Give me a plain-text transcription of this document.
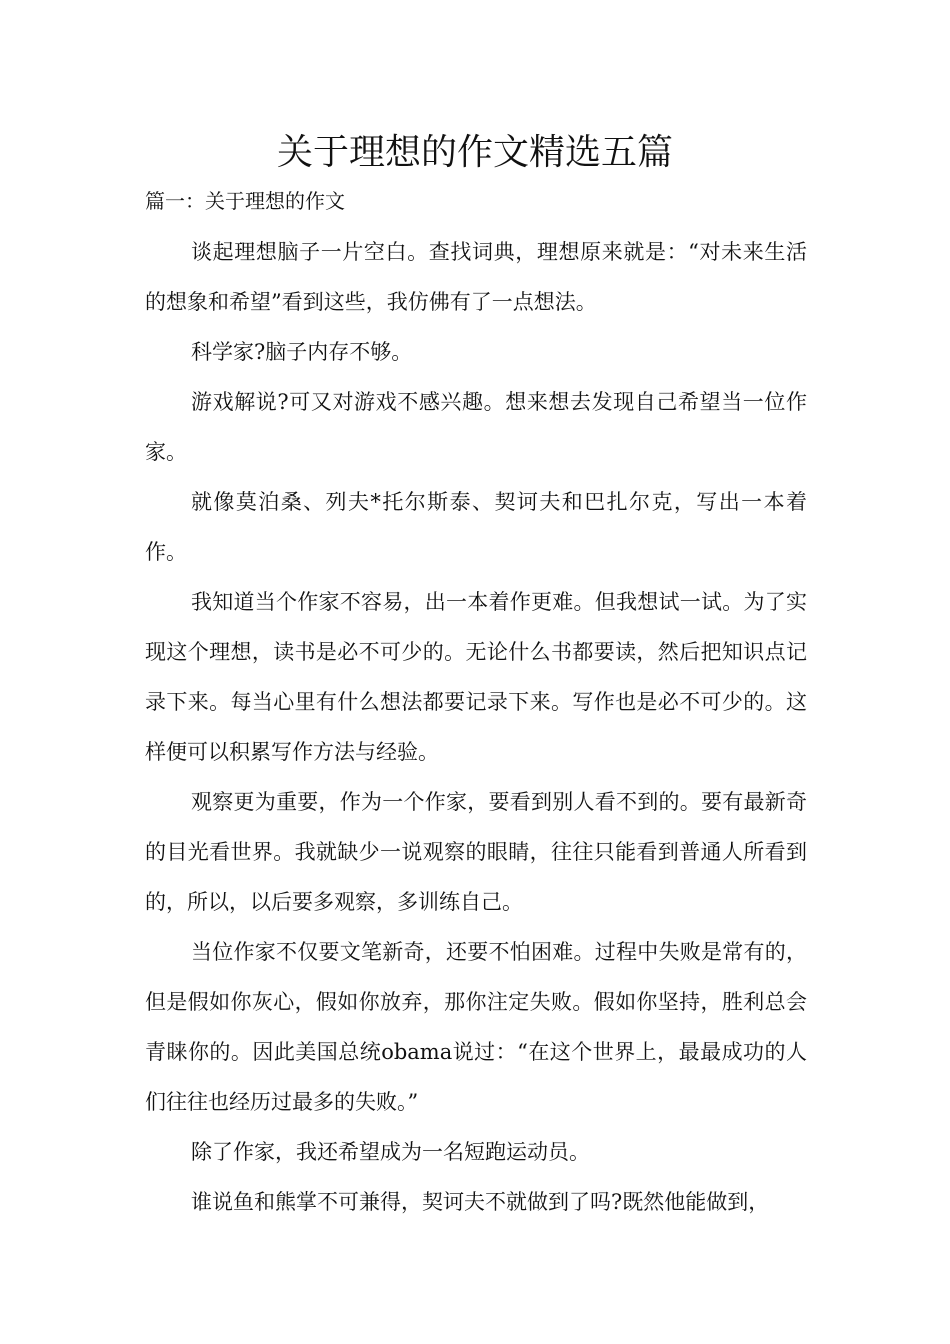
关于理想的作文精选五篇
篇一：关于理想的作文

谈起理想脑子一片空白。查找词典，理想原来就是：“对未来生活的想象和希望”看到这些，我仿佛有了一点想法。

科学家?脑子内存不够。

游戏解说?可又对游戏不感兴趣。想来想去发现自己希望当一位作家。

就像莫泊桑、列夫*托尔斯泰、契诃夫和巴扎尔克，写出一本着作。

我知道当个作家不容易，出一本着作更难。但我想试一试。为了实现这个理想，读书是必不可少的。无论什么书都要读，然后把知识点记录下来。每当心里有什么想法都要记录下来。写作也是必不可少的。这样便可以积累写作方法与经验。

观察更为重要，作为一个作家，要看到别人看不到的。要有最新奇的目光看世界。我就缺少一说观察的眼睛，往往只能看到普通人所看到的，所以，以后要多观察，多训练自己。

当位作家不仅要文笔新奇，还要不怕困难。过程中失败是常有的，但是假如你灰心，假如你放弃，那你注定失败。假如你坚持，胜利总会青睐你的。因此美国总统obama说过：“在这个世界上，最最成功的人们往往也经历过最多的失败。”

除了作家，我还希望成为一名短跑运动员。

谁说鱼和熊掌不可兼得，契诃夫不就做到了吗?既然他能做到，
